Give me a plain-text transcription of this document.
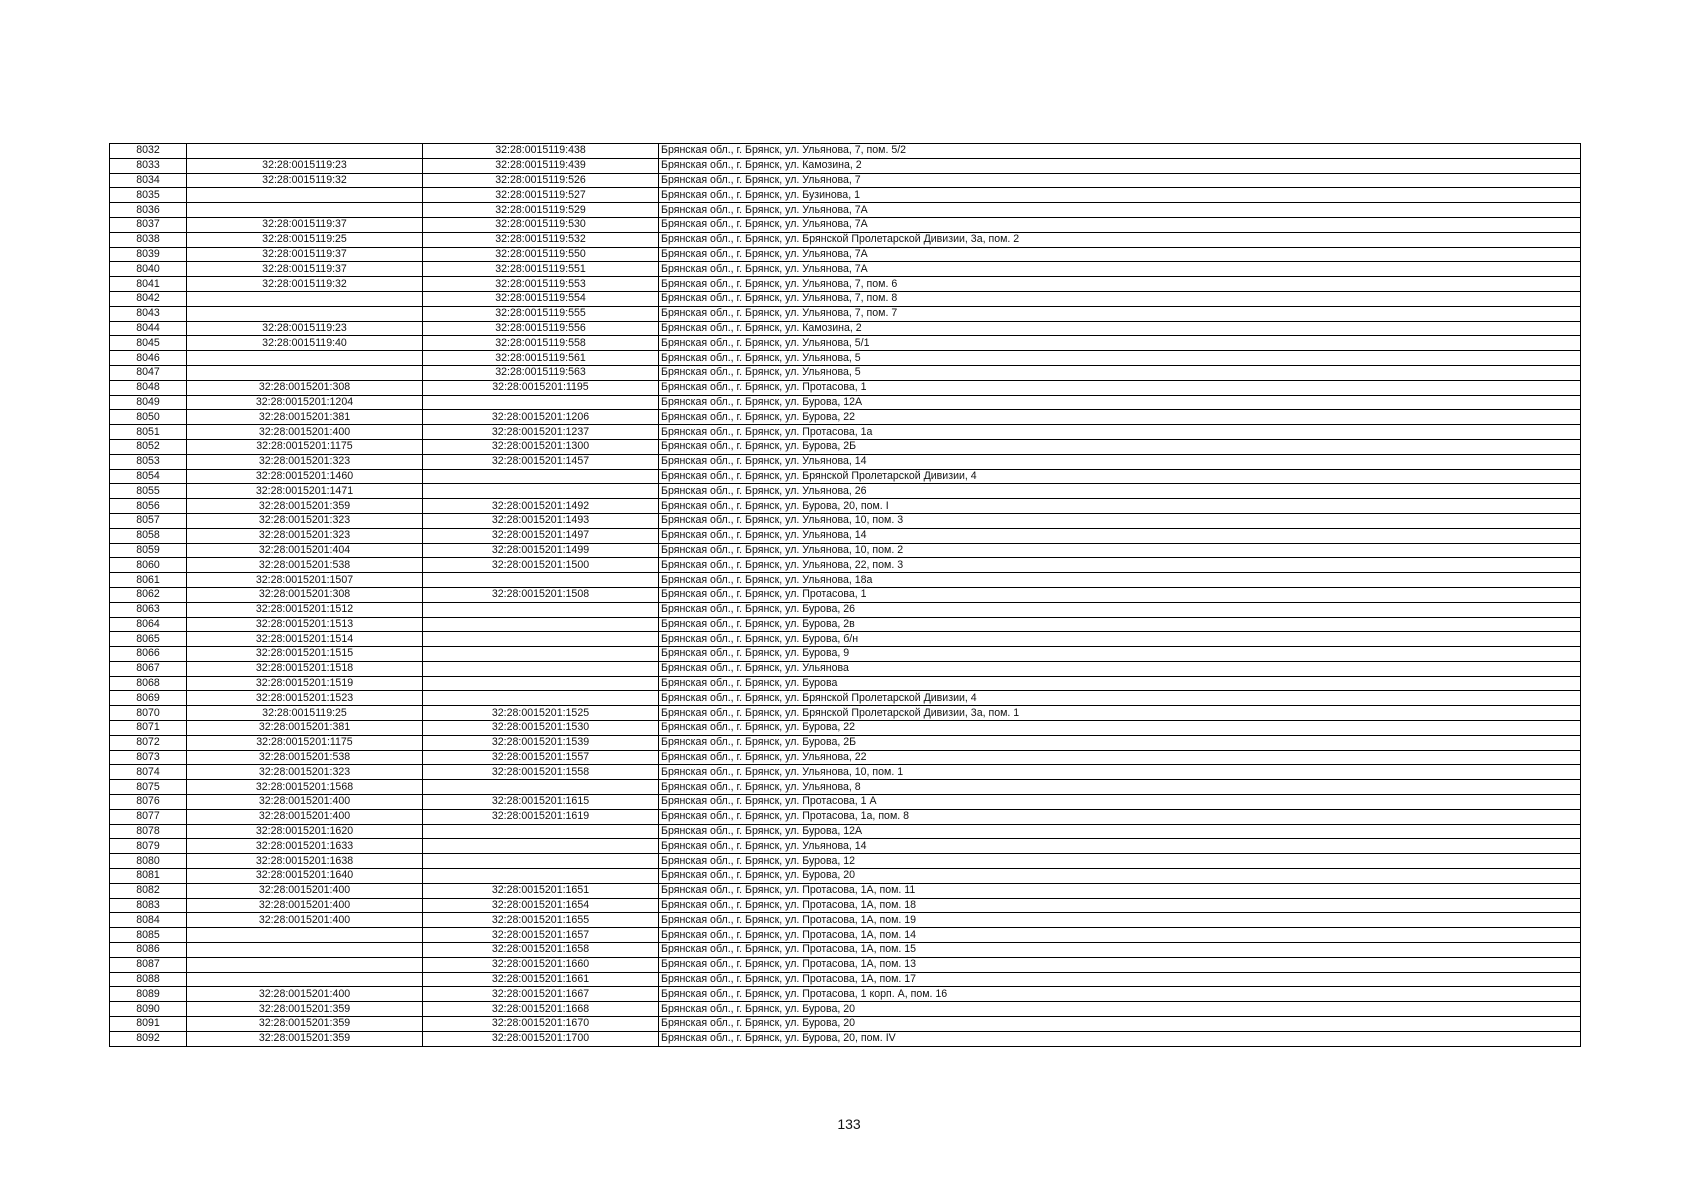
8032		32:28:0015119:438	Брянская обл., г. Брянск, ул. Ульянова, 7, пом. 5/2
8033	32:28:0015119:23	32:28:0015119:439	Брянская обл., г. Брянск, ул. Камозина, 2
8034	32:28:0015119:32	32:28:0015119:526	Брянская обл., г. Брянск, ул. Ульянова, 7
8035		32:28:0015119:527	Брянская обл., г. Брянск, ул. Бузинова, 1
8036		32:28:0015119:529	Брянская обл., г. Брянск, ул. Ульянова, 7А
8037	32:28:0015119:37	32:28:0015119:530	Брянская обл., г. Брянск, ул. Ульянова, 7А
8038	32:28:0015119:25	32:28:0015119:532	Брянская обл., г. Брянск, ул. Брянской Пролетарской Дивизии, 3а, пом. 2
8039	32:28:0015119:37	32:28:0015119:550	Брянская обл., г. Брянск, ул. Ульянова, 7А
8040	32:28:0015119:37	32:28:0015119:551	Брянская обл., г. Брянск, ул. Ульянова, 7А
8041	32:28:0015119:32	32:28:0015119:553	Брянская обл., г. Брянск, ул. Ульянова, 7, пом. 6
8042		32:28:0015119:554	Брянская обл., г. Брянск, ул. Ульянова, 7, пом. 8
8043		32:28:0015119:555	Брянская обл., г. Брянск, ул. Ульянова, 7, пом. 7
8044	32:28:0015119:23	32:28:0015119:556	Брянская обл., г. Брянск, ул. Камозина, 2
8045	32:28:0015119:40	32:28:0015119:558	Брянская обл., г. Брянск, ул. Ульянова, 5/1
8046		32:28:0015119:561	Брянская обл., г. Брянск, ул. Ульянова, 5
8047		32:28:0015119:563	Брянская обл., г. Брянск, ул. Ульянова, 5
8048	32:28:0015201:308	32:28:0015201:1195	Брянская обл., г. Брянск, ул. Протасова, 1
8049	32:28:0015201:1204		Брянская обл., г. Брянск, ул. Бурова, 12А
8050	32:28:0015201:381	32:28:0015201:1206	Брянская обл., г. Брянск, ул. Бурова, 22
8051	32:28:0015201:400	32:28:0015201:1237	Брянская обл., г. Брянск, ул. Протасова, 1а
8052	32:28:0015201:1175	32:28:0015201:1300	Брянская обл., г. Брянск, ул. Бурова, 2Б
8053	32:28:0015201:323	32:28:0015201:1457	Брянская обл., г. Брянск, ул. Ульянова, 14
8054	32:28:0015201:1460		Брянская обл., г. Брянск, ул. Брянской Пролетарской Дивизии, 4
8055	32:28:0015201:1471		Брянская обл., г. Брянск, ул. Ульянова, 26
8056	32:28:0015201:359	32:28:0015201:1492	Брянская обл., г. Брянск, ул. Бурова, 20, пом. I
8057	32:28:0015201:323	32:28:0015201:1493	Брянская обл., г. Брянск, ул. Ульянова, 10, пом. 3
8058	32:28:0015201:323	32:28:0015201:1497	Брянская обл., г. Брянск, ул. Ульянова, 14
8059	32:28:0015201:404	32:28:0015201:1499	Брянская обл., г. Брянск, ул. Ульянова, 10, пом. 2
8060	32:28:0015201:538	32:28:0015201:1500	Брянская обл., г. Брянск, ул. Ульянова, 22, пом. 3
8061	32:28:0015201:1507		Брянская обл., г. Брянск, ул. Ульянова, 18а
8062	32:28:0015201:308	32:28:0015201:1508	Брянская обл., г. Брянск, ул. Протасова, 1
8063	32:28:0015201:1512		Брянская обл., г. Брянск, ул. Бурова, 26
8064	32:28:0015201:1513		Брянская обл., г. Брянск, ул. Бурова, 2в
8065	32:28:0015201:1514		Брянская обл., г. Брянск, ул. Бурова, б/н
8066	32:28:0015201:1515		Брянская обл., г. Брянск, ул. Бурова, 9
8067	32:28:0015201:1518		Брянская обл., г. Брянск, ул. Ульянова
8068	32:28:0015201:1519		Брянская обл., г. Брянск, ул. Бурова
8069	32:28:0015201:1523		Брянская обл., г. Брянск, ул. Брянской Пролетарской Дивизии, 4
8070	32:28:0015119:25	32:28:0015201:1525	Брянская обл., г. Брянск, ул. Брянской Пролетарской Дивизии, 3а, пом. 1
8071	32:28:0015201:381	32:28:0015201:1530	Брянская обл., г. Брянск, ул. Бурова, 22
8072	32:28:0015201:1175	32:28:0015201:1539	Брянская обл., г. Брянск, ул. Бурова, 2Б
8073	32:28:0015201:538	32:28:0015201:1557	Брянская обл., г. Брянск, ул. Ульянова, 22
8074	32:28:0015201:323	32:28:0015201:1558	Брянская обл., г. Брянск, ул. Ульянова, 10, пом. 1
8075	32:28:0015201:1568		Брянская обл., г. Брянск, ул. Ульянова, 8
8076	32:28:0015201:400	32:28:0015201:1615	Брянская обл., г. Брянск, ул. Протасова, 1 А
8077	32:28:0015201:400	32:28:0015201:1619	Брянская обл., г. Брянск, ул. Протасова, 1а, пом. 8
8078	32:28:0015201:1620		Брянская обл., г. Брянск, ул. Бурова, 12А
8079	32:28:0015201:1633		Брянская обл., г. Брянск, ул. Ульянова, 14
8080	32:28:0015201:1638		Брянская обл., г. Брянск, ул. Бурова, 12
8081	32:28:0015201:1640		Брянская обл., г. Брянск, ул. Бурова, 20
8082	32:28:0015201:400	32:28:0015201:1651	Брянская обл., г. Брянск, ул. Протасова, 1А, пом. 11
8083	32:28:0015201:400	32:28:0015201:1654	Брянская обл., г. Брянск, ул. Протасова, 1А, пом. 18
8084	32:28:0015201:400	32:28:0015201:1655	Брянская обл., г. Брянск, ул. Протасова, 1А, пом. 19
8085		32:28:0015201:1657	Брянская обл., г. Брянск, ул. Протасова, 1А, пом. 14
8086		32:28:0015201:1658	Брянская обл., г. Брянск, ул. Протасова, 1А, пом. 15
8087		32:28:0015201:1660	Брянская обл., г. Брянск, ул. Протасова, 1А, пом. 13
8088		32:28:0015201:1661	Брянская обл., г. Брянск, ул. Протасова, 1А, пом. 17
8089	32:28:0015201:400	32:28:0015201:1667	Брянская обл., г. Брянск, ул. Протасова, 1 корп. А, пом. 16
8090	32:28:0015201:359	32:28:0015201:1668	Брянская обл., г. Брянск, ул. Бурова, 20
8091	32:28:0015201:359	32:28:0015201:1670	Брянская обл., г. Брянск, ул. Бурова, 20
8092	32:28:0015201:359	32:28:0015201:1700	Брянская обл., г. Брянск, ул. Бурова, 20, пом. IV
133
